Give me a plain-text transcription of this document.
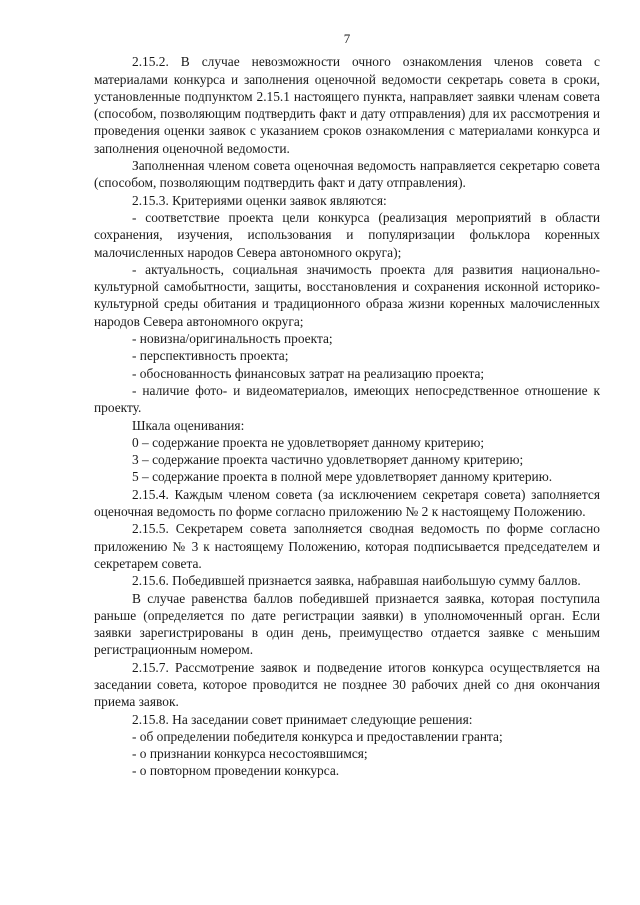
7

2.15.2. В случае невозможности очного ознакомления членов совета с материалами конкурса и заполнения оценочной ведомости секретарь совета в сроки, установленные подпунктом 2.15.1 настоящего пункта, направляет заявки членам совета (способом, позволяющим подтвердить факт и дату отправления) для их рассмотрения и проведения оценки заявок с указанием сроков ознакомления с материалами конкурса и заполнения оценочной ведомости.

Заполненная членом совета оценочная ведомость направляется секретарю совета (способом, позволяющим подтвердить факт и дату отправления).

2.15.3. Критериями оценки заявок являются:

- соответствие проекта цели конкурса (реализация мероприятий в области сохранения, изучения, использования и популяризации фольклора коренных малочисленных народов Севера автономного округа);

- актуальность, социальная значимость проекта для развития национально-культурной самобытности, защиты, восстановления и сохранения исконной историко-культурной среды обитания и традиционного образа жизни коренных малочисленных народов Севера автономного округа;

- новизна/оригинальность проекта;

- перспективность проекта;

- обоснованность финансовых затрат на реализацию проекта;

- наличие фото- и видеоматериалов, имеющих непосредственное отношение к проекту.

Шкала оценивания:

0 – содержание проекта не удовлетворяет данному критерию;

3 – содержание проекта частично удовлетворяет данному критерию;

5 – содержание проекта в полной мере удовлетворяет данному критерию.

2.15.4. Каждым членом совета (за исключением секретаря совета) заполняется оценочная ведомость по форме согласно приложению № 2 к настоящему Положению.

2.15.5. Секретарем совета заполняется сводная ведомость по форме согласно приложению № 3 к настоящему Положению, которая подписывается председателем и секретарем совета.

2.15.6. Победившей признается заявка, набравшая наибольшую сумму баллов.

В случае равенства баллов победившей признается заявка, которая поступила раньше (определяется по дате регистрации заявки) в уполномоченный орган. Если заявки зарегистрированы в один день, преимущество отдается заявке с меньшим регистрационным номером.

2.15.7. Рассмотрение заявок и подведение итогов конкурса осуществляется на заседании совета, которое проводится не позднее 30 рабочих дней со дня окончания приема заявок.

2.15.8. На заседании совет принимает следующие решения:

- об определении победителя конкурса и предоставлении гранта;

- о признании конкурса несостоявшимся;

- о повторном проведении конкурса.
